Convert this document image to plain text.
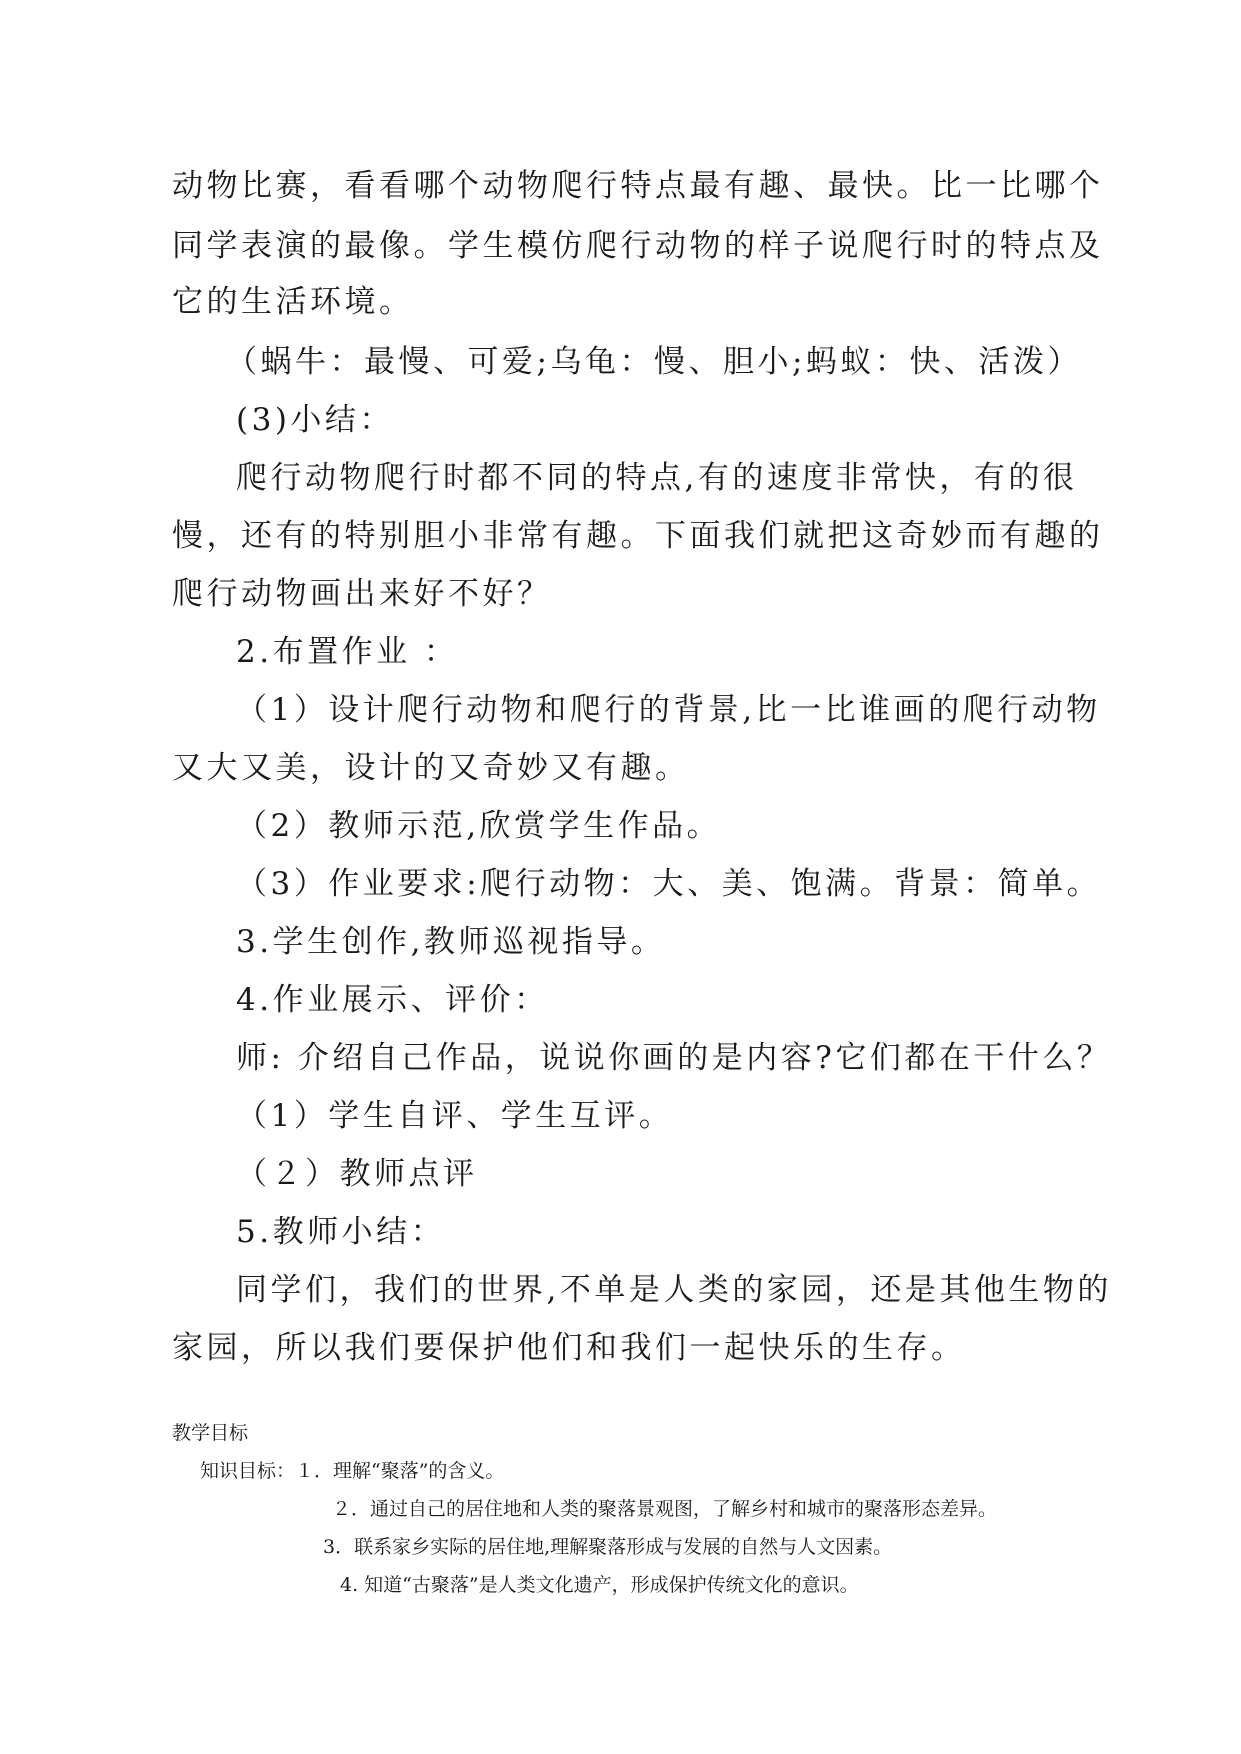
动物比赛，看看哪个动物爬行特点最有趣、最快。比一比哪个
同学表演的最像。学生模仿爬行动物的样子说爬行时的特点及
它的生活环境。
（蜗牛：最慢、可爱;乌龟：慢、胆小;蚂蚁：快、活泼）
(3)小结：
爬行动物爬行时都不同的特点,有的速度非常快，有的很
慢，还有的特别胆小非常有趣。下面我们就把这奇妙而有趣的
爬行动物画出来好不好？
2.布置作业 ：
（1）设计爬行动物和爬行的背景,比一比谁画的爬行动物
又大又美，设计的又奇妙又有趣。
（2）教师示范,欣赏学生作品。
（3）作业要求:爬行动物：大、美、饱满。背景：简单。
3.学生创作,教师巡视指导。
4.作业展示、评价：
师: 介绍自己作品，说说你画的是内容?它们都在干什么？
（1）学生自评、学生互评。
（２）教师点评
5.教师小结：
同学们，我们的世界,不单是人类的家园，还是其他生物的
家园，所以我们要保护他们和我们一起快乐的生存。
教学目标
知识目标：１．理解“聚落”的含义。
２．通过自己的居住地和人类的聚落景观图，了解乡村和城市的聚落形态差异。
3．联系家乡实际的居住地,理解聚落形成与发展的自然与人文因素。
4. 知道“古聚落”是人类文化遗产，形成保护传统文化的意识。
